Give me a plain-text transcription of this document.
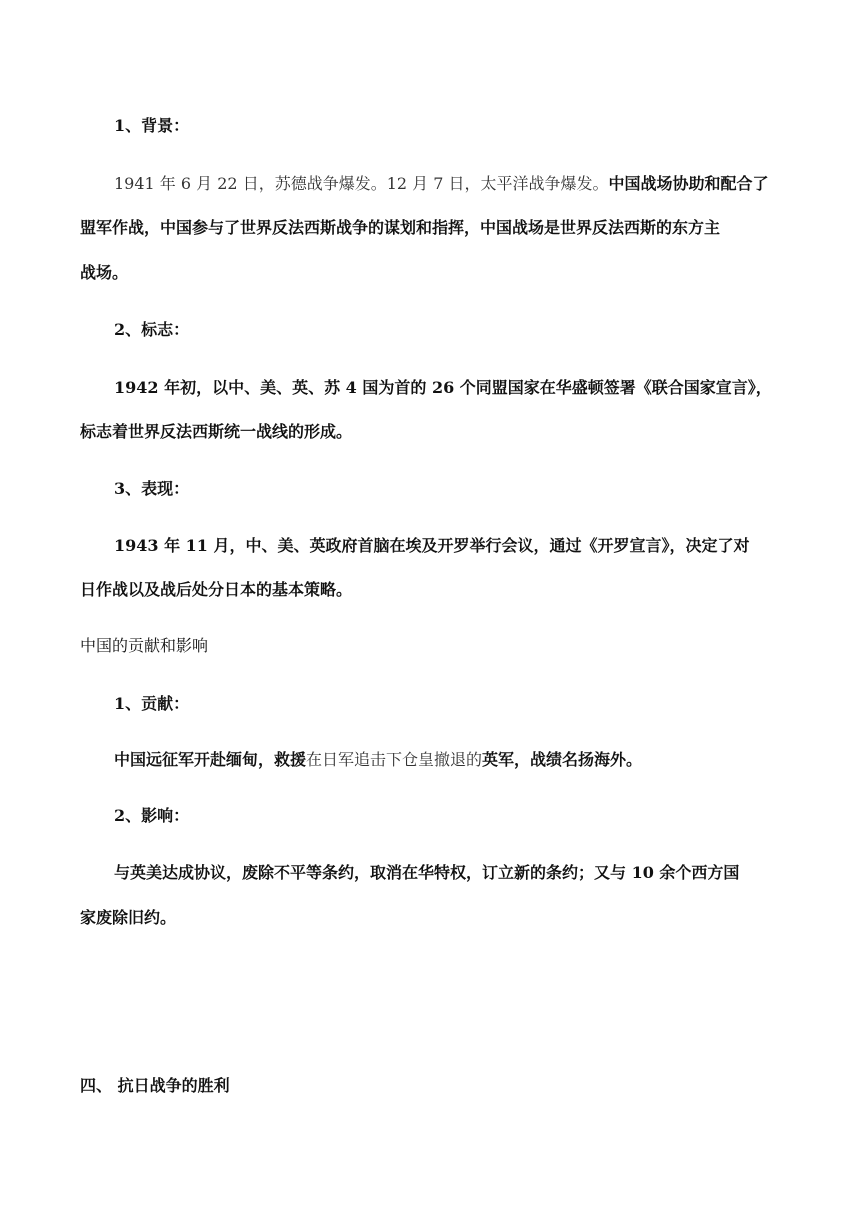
1、背景：

1941 年 6 月 22 日，苏德战争爆发。12 月 7 日，太平洋战争爆发。中国战场协助和配合了

盟军作战，中国参与了世界反法西斯战争的谋划和指挥，中国战场是世界反法西斯的东方主

战场。

2、标志：

1942 年初，以中、美、英、苏 4 国为首的 26 个同盟国家在华盛顿签署《联合国家宣言》，

标志着世界反法西斯统一战线的形成。

3、表现：

1943 年 11 月，中、美、英政府首脑在埃及开罗举行会议，通过《开罗宣言》，决定了对

日作战以及战后处分日本的基本策略。

中国的贡献和影响

1、贡献：

中国远征军开赴缅甸，救援在日军追击下仓皇撤退的英军，战绩名扬海外。

2、影响：

与英美达成协议，废除不平等条约，取消在华特权，订立新的条约；又与 10 余个西方国

家废除旧约。

四、 抗日战争的胜利
